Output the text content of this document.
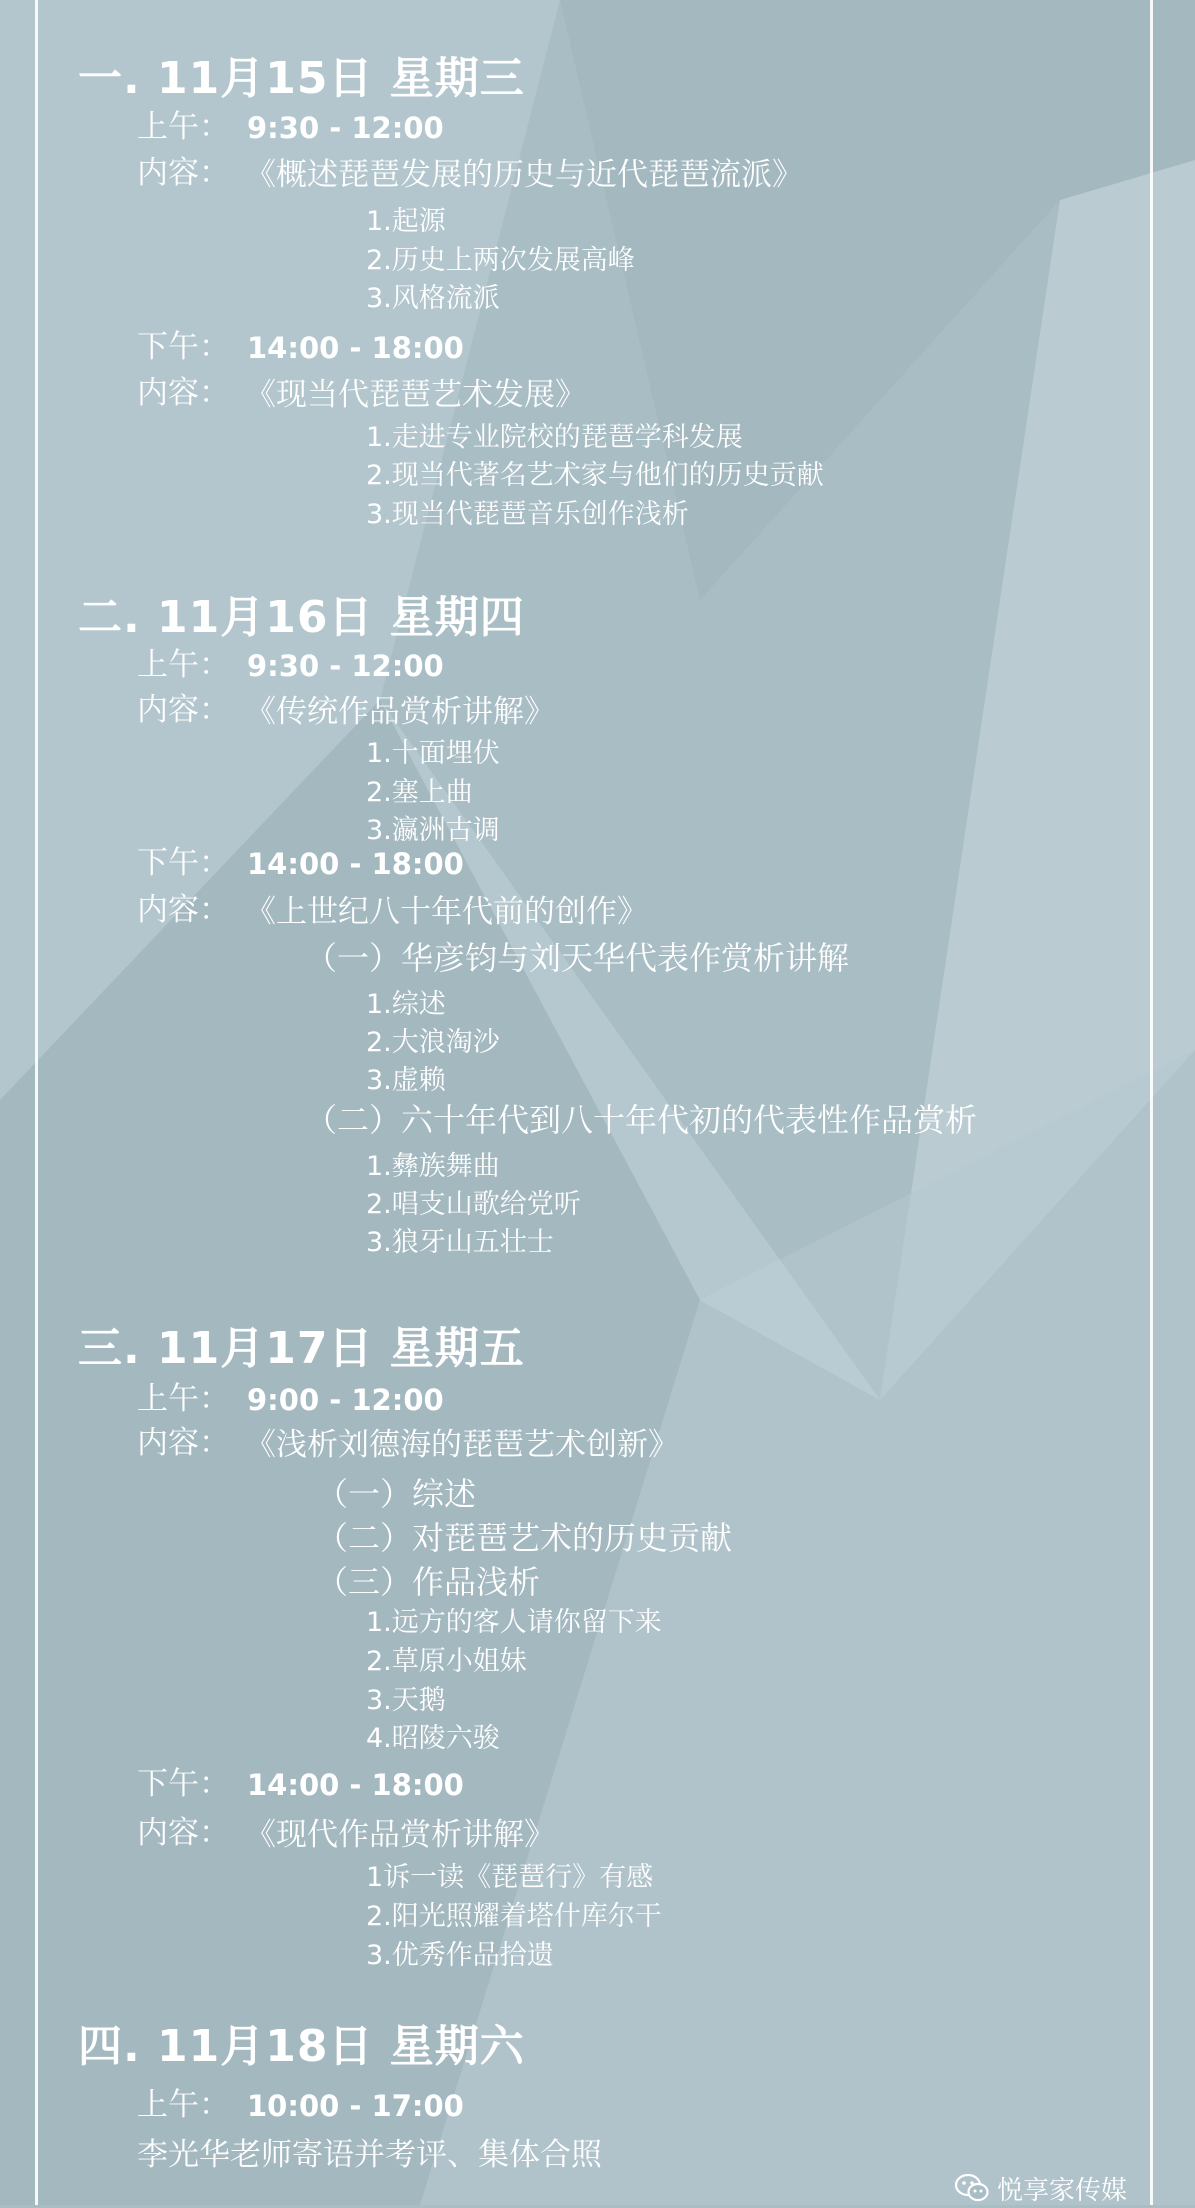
一. 11月15日 星期三
上午： 9:30 - 12:00
内容： 《概述琵琶发展的历史与近代琵琶流派》
1.起源
2.历史上两次发展高峰
3.风格流派
下午： 14:00 - 18:00
内容： 《现当代琵琶艺术发展》
1.走进专业院校的琵琶学科发展
2.现当代著名艺术家与他们的历史贡献
3.现当代琵琶音乐创作浅析
二. 11月16日 星期四
上午： 9:30 - 12:00
内容： 《传统作品赏析讲解》
1.十面埋伏
2.塞上曲
3.瀛洲古调
下午： 14:00 - 18:00
内容： 《上世纪八十年代前的创作》
（一）华彦钧与刘天华代表作赏析讲解
1.综述
2.大浪淘沙
3.虚赖
（二）六十年代到八十年代初的代表性作品赏析
1.彝族舞曲
2.唱支山歌给党听
3.狼牙山五壮士
三. 11月17日 星期五
上午： 9:00 - 12:00
内容： 《浅析刘德海的琵琶艺术创新》
（一）综述
（二）对琵琶艺术的历史贡献
（三）作品浅析
1.远方的客人请你留下来
2.草原小姐妹
3.天鹅
4.昭陵六骏
下午： 14:00 - 18:00
内容： 《现代作品赏析讲解》
1诉一读《琵琶行》有感
2.阳光照耀着塔什库尔干
3.优秀作品拾遗
四. 11月18日 星期六
上午： 10:00 - 17:00
李光华老师寄语并考评、集体合照
悦享家传媒
